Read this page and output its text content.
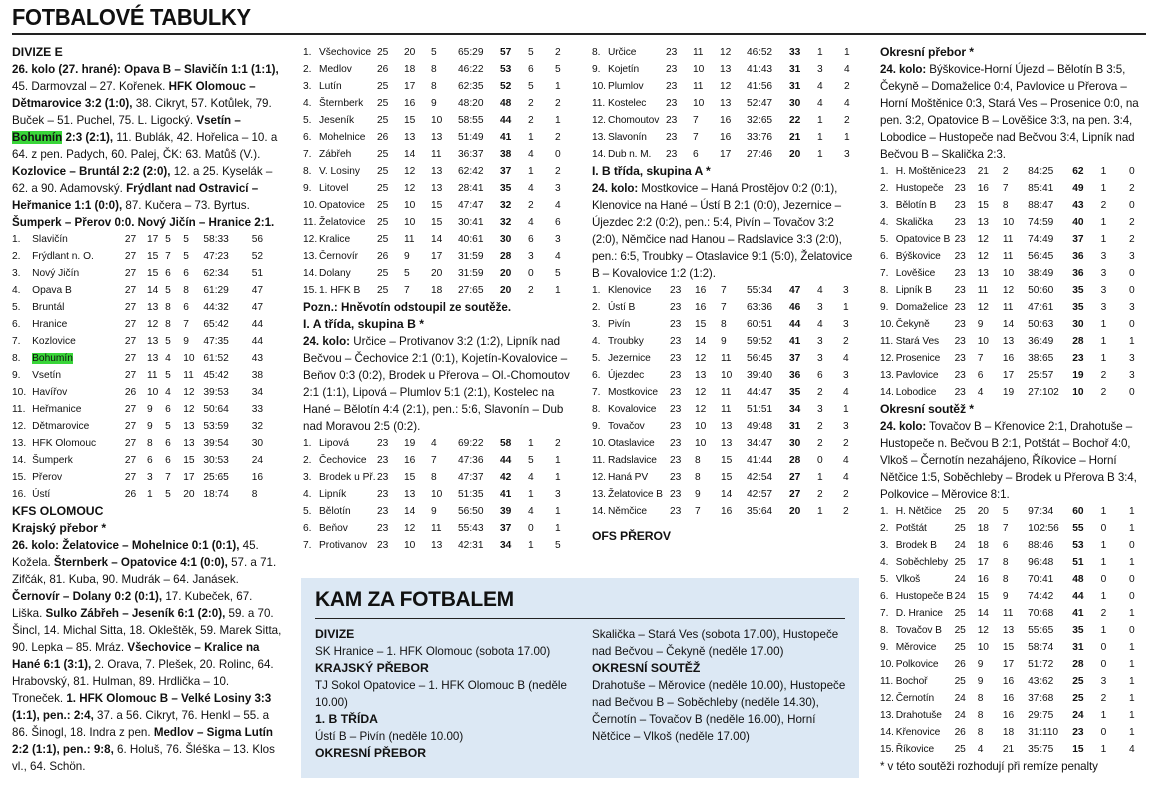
FOTBALOVÉ TABULKY
DIVIZE E
26. kolo (27. hrané): Opava B – Slavičín 1:1 (1:1), 45. Darmovzal – 27. Kořenek. HFK Olomouc – Dětmarovice 3:2 (1:0), 38. Cikryt, 57. Kotůlek, 79. Buček – 51. Puchel, 75. L. Ligocký. Vsetín – Bohumín 2:3 (2:1), 11. Bublák, 42. Hořelica – 10. a 64. z pen. Padych, 60. Palej, ČK: 63. Matůš (V.). Kozlovice – Bruntál 2:2 (2:0), 12. a 25. Kyselák – 62. a 90. Adamovský. Frýdlant nad Ostravicí – Heřmanice 1:1 (0:0), 87. Kučera – 73. Byrtus. Šumperk – Přerov 0:0. Nový Jičín – Hranice 2:1.
1.	Slavičín	27	17	5	5	58:33	56
2.	Frýdlant n. O.	27	15	7	5	47:23	52
3.	Nový Jičín	27	15	6	6	62:34	51
4.	Opava B	27	14	5	8	61:29	47
5.	Bruntál	27	13	8	6	44:32	47
6.	Hranice	27	12	8	7	65:42	44
7.	Kozlovice	27	13	5	9	47:35	44
8.	Bohumín	27	13	4	10	61:52	43
9.	Vsetín	27	11	5	11	45:42	38
10.	Havířov	26	10	4	12	39:53	34
11.	Heřmanice	27	9	6	12	50:64	33
12.	Dětmarovice	27	9	5	13	53:59	32
13.	HFK Olomouc	27	8	6	13	39:54	30
14.	Šumperk	27	6	6	15	30:53	24
15.	Přerov	27	3	7	17	25:65	16
16.	Ústí	26	1	5	20	18:74	8
KFS OLOMOUC
Krajský přebor *
26. kolo: Želatovice – Mohelnice 0:1 (0:1), 45. Kožela. Šternberk – Opatovice 4:1 (0:0), 57. a 71. Zifčák, 81. Kuba, 90. Mudrák – 64. Janásek. Černovír – Dolany 0:2 (0:1), 17. Kubeček, 67. Liška. Sulko Zábřeh – Jeseník 6:1 (2:0), 59. a 70. Šincl, 14. Michal Sitta, 18. Okleštěk, 59. Marek Sitta, 90. Lepka – 85. Mráz. Všechovice – Kralice na Hané 6:1 (3:1), 2. Orava, 7. Plešek, 20. Rolinc, 64. Hrabovský, 81. Hulman, 89. Hrdlička – 10. Troneček. 1. HFK Olomouc B – Velké Losiny 3:3 (1:1), pen.: 2:4, 37. a 56. Cikryt, 76. Henkl – 55. a 86. Šinogl, 18. Indra z pen. Medlov – Sigma Lutín 2:2 (1:1), pen.: 9:8, 6. Holuš, 76. Šléška – 13. Klos vl., 64. Schön.
1.	Všechovice	25	20	5	65:29	57	5	2
2.	Medlov	26	18	8	46:22	53	6	5
3.	Lutín	25	17	8	62:35	52	5	1
4.	Šternberk	25	16	9	48:20	48	2	2
5.	Jeseník	25	15	10	58:55	44	2	1
6.	Mohelnice	26	13	13	51:49	41	1	2
7.	Zábřeh	25	14	11	36:37	38	4	0
8.	V. Losiny	25	12	13	62:42	37	1	2
9.	Litovel	25	12	13	28:41	35	4	3
10.	Opatovice	25	10	15	47:47	32	2	4
11.	Želatovice	25	10	15	30:41	32	4	6
12.	Kralice	25	11	14	40:61	30	6	3
13.	Černovír	26	9	17	31:59	28	3	4
14.	Dolany	25	5	20	31:59	20	0	5
15.	1. HFK B	25	7	18	27:65	20	2	1
Pozn.: Hněvotín odstoupil ze soutěže.
I. A třída, skupina B *
24. kolo: Určice – Protivanov 3:2 (1:2), Lipník nad Bečvou – Čechovice 2:1 (0:1), Kojetín-Kovalovice – Beňov 0:3 (0:2), Brodek u Přerova – Ol.-Chomoutov 2:1 (1:1), Lipová – Plumlov 5:1 (2:1), Kostelec na Hané – Bělotín 4:4 (2:1), pen.: 5:6, Slavonín – Dub nad Moravou 2:5 (0:2).
1.	Lipová	23	19	4	69:22	58	1	2
2.	Čechovice	23	16	7	47:36	44	5	1
3.	Brodek u Př.	23	15	8	47:37	42	4	1
4.	Lipník	23	13	10	51:35	41	1	3
5.	Bělotín	23	14	9	56:50	39	4	1
6.	Beňov	23	12	11	55:43	37	0	1
7.	Protivanov	23	10	13	42:31	34	1	5
8.	Určice	23	11	12	46:52	33	1	1
9.	Kojetín	23	10	13	41:43	31	3	4
10.	Plumlov	23	11	12	41:56	31	4	2
11.	Kostelec	23	10	13	52:47	30	4	4
12.	Chomoutov	23	7	16	32:65	22	1	2
13.	Slavonín	23	7	16	33:76	21	1	1
14.	Dub n. M.	23	6	17	27:46	20	1	3
I. B třída, skupina A *
24. kolo: Mostkovice – Haná Prostějov 0:2 (0:1), Klenovice na Hané – Ústí B 2:1 (0:0), Jezernice – Újezdec 2:2 (0:2), pen.: 5:4, Pivín – Tovačov 3:2 (2:0), Němčice nad Hanou – Radslavice 3:3 (2:0), pen.: 6:5, Troubky – Otaslavice 9:1 (5:0), Želatovice B – Kovalovice 1:2 (1:2).
1.	Klenovice	23	16	7	55:34	47	4	3
2.	Ústí B	23	16	7	63:36	46	3	1
3.	Pivín	23	15	8	60:51	44	4	3
4.	Troubky	23	14	9	59:52	41	3	2
5.	Jezernice	23	12	11	56:45	37	3	4
6.	Újezdec	23	13	10	39:40	36	6	3
7.	Mostkovice	23	12	11	44:47	35	2	4
8.	Kovalovice	23	12	11	51:51	34	3	1
9.	Tovačov	23	10	13	49:48	31	2	3
10.	Otaslavice	23	10	13	34:47	30	2	2
11.	Radslavice	23	8	15	41:44	28	0	4
12.	Haná PV	23	8	15	42:54	27	1	4
13.	Želatovice B	23	9	14	42:57	27	2	2
14.	Němčice	23	7	16	35:64	20	1	2
OFS PŘEROV
Okresní přebor *
24. kolo: Býškovice-Horní Újezd – Bělotín B 3:5, Čekyně – Domaželice 0:4, Pavlovice u Přerova – Horní Moštěnice 0:3, Stará Ves – Prosenice 0:0, na pen. 3:2, Opatovice B – Lověšice 3:3, na pen. 3:4, Lobodice – Hustopeče nad Bečvou 3:4, Lipník nad Bečvou B – Skalička 2:3.
1.	H. Moštěnice	23	21	2	84:25	62	1	0
2.	Hustopeče	23	16	7	85:41	49	1	2
3.	Bělotín B	23	15	8	88:47	43	2	0
4.	Skalička	23	13	10	74:59	40	1	2
5.	Opatovice B	23	12	11	74:49	37	1	2
6.	Býškovice	23	12	11	56:45	36	3	3
7.	Lověšice	23	13	10	38:49	36	3	0
8.	Lipník B	23	11	12	50:60	35	3	0
9.	Domaželice	23	12	11	47:61	35	3	3
10.	Čekyně	23	9	14	50:63	30	1	0
11.	Stará Ves	23	10	13	36:49	28	1	1
12.	Prosenice	23	7	16	38:65	23	1	3
13.	Pavlovice	23	6	17	25:57	19	2	3
14.	Lobodice	23	4	19	27:102	10	2	0
Okresní soutěž *
24. kolo: Tovačov B – Křenovice 2:1, Drahotuše – Hustopeče n. Bečvou B 2:1, Potštát – Bochoř 4:0, Vlkoš – Černotín nezahájeno, Říkovice – Horní Nětčice 1:5, Soběchleby – Brodek u Přerova B 3:4, Polkovice – Měrovice 8:1.
1.	H. Nětčice	25	20	5	97:34	60	1	1
2.	Potštát	25	18	7	102:56	55	0	1
3.	Brodek B	24	18	6	88:46	53	1	0
4.	Soběchleby	25	17	8	96:48	51	1	1
5.	Vlkoš	24	16	8	70:41	48	0	0
6.	Hustopeče B	24	15	9	74:42	44	1	0
7.	D. Hranice	25	14	11	70:68	41	2	1
8.	Tovačov B	25	12	13	55:65	35	1	0
9.	Měrovice	25	10	15	58:74	31	0	1
10.	Polkovice	26	9	17	51:72	28	0	1
11.	Bochoř	25	9	16	43:62	25	3	1
12.	Černotín	24	8	16	37:68	25	2	1
13.	Drahotuše	24	8	16	29:75	24	1	1
14.	Křenovice	26	8	18	31:110	23	0	1
15.	Říkovice	25	4	21	35:75	15	1	4
* v této soutěži rozhodují při remíze penalty
KAM ZA FOTBALEM
DIVIZE
SK Hranice – 1. HFK Olomouc (sobota 17.00)
KRAJSKÝ PŘEBOR
TJ Sokol Opatovice – 1. HFK Olomouc B (neděle 10.00)
1. B TŘÍDA
Ústí B – Pivín (neděle 10.00)
OKRESNÍ PŘEBOR
Skalička – Stará Ves (sobota 17.00), Hustopeče nad Bečvou – Čekyně (neděle 17.00)
OKRESNÍ SOUTĚŽ
Drahotuše – Měrovice (neděle 10.00), Hustopeče nad Bečvou B – Soběchleby (neděle 14.30), Černotín – Tovačov B (neděle 16.00), Horní Nětčice – Vlkoš (neděle 17.00)
